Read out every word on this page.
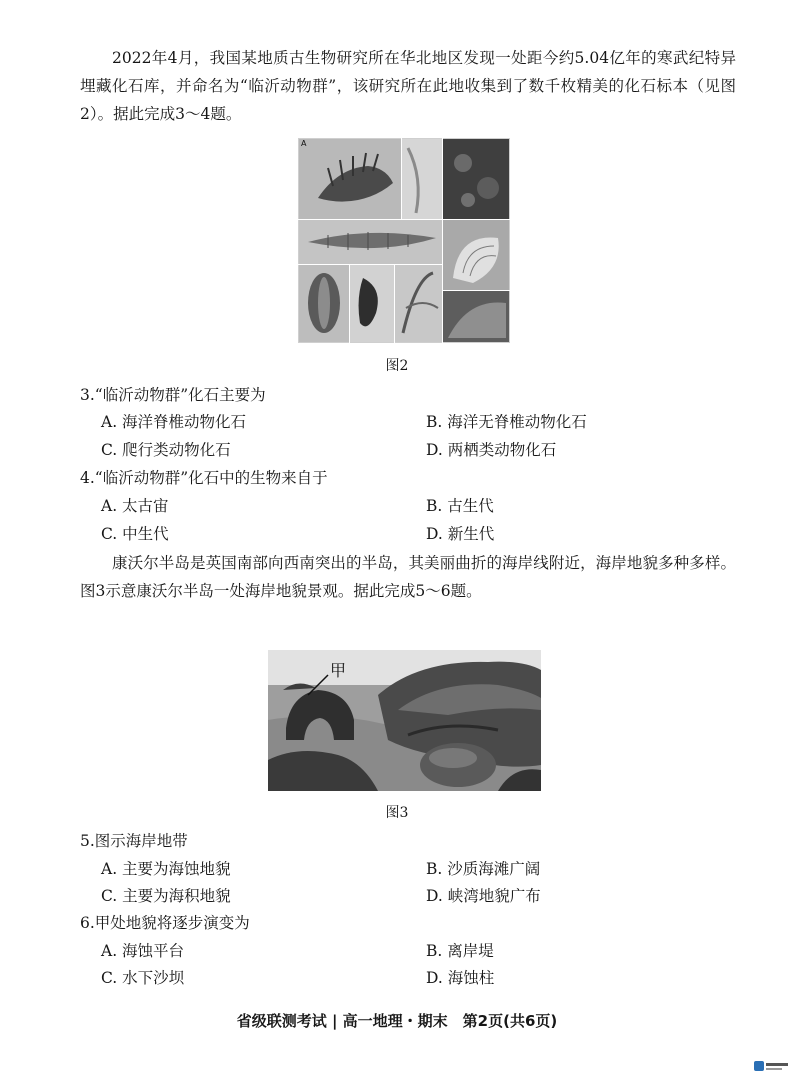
2022年4月，我国某地质古生物研究所在华北地区发现一处距今约5.04亿年的寒武纪特异埋藏化石库，并命名为“临沂动物群”，该研究所在此地收集到了数千枚精美的化石标本（见图2）。据此完成3～4题。

A

图2

3.“临沂动物群”化石主要为

A. 海洋脊椎动物化石	B. 海洋无脊椎动物化石

C. 爬行类动物化石	D. 两栖类动物化石

4.“临沂动物群”化石中的生物来自于

A. 太古宙	B. 古生代

C. 中生代	D. 新生代

康沃尔半岛是英国南部向西南突出的半岛，其美丽曲折的海岸线附近，海岸地貌多种多样。图3示意康沃尔半岛一处海岸地貌景观。据此完成5～6题。

甲

图3

5.图示海岸地带

A. 主要为海蚀地貌	B. 沙质海滩广阔

C. 主要为海积地貌	D. 峡湾地貌广布

6.甲处地貌将逐步演变为

A. 海蚀平台	B. 离岸堤

C. 水下沙坝	D. 海蚀柱

省级联测考试 | 高一地理・期末　第2页(共6页)
